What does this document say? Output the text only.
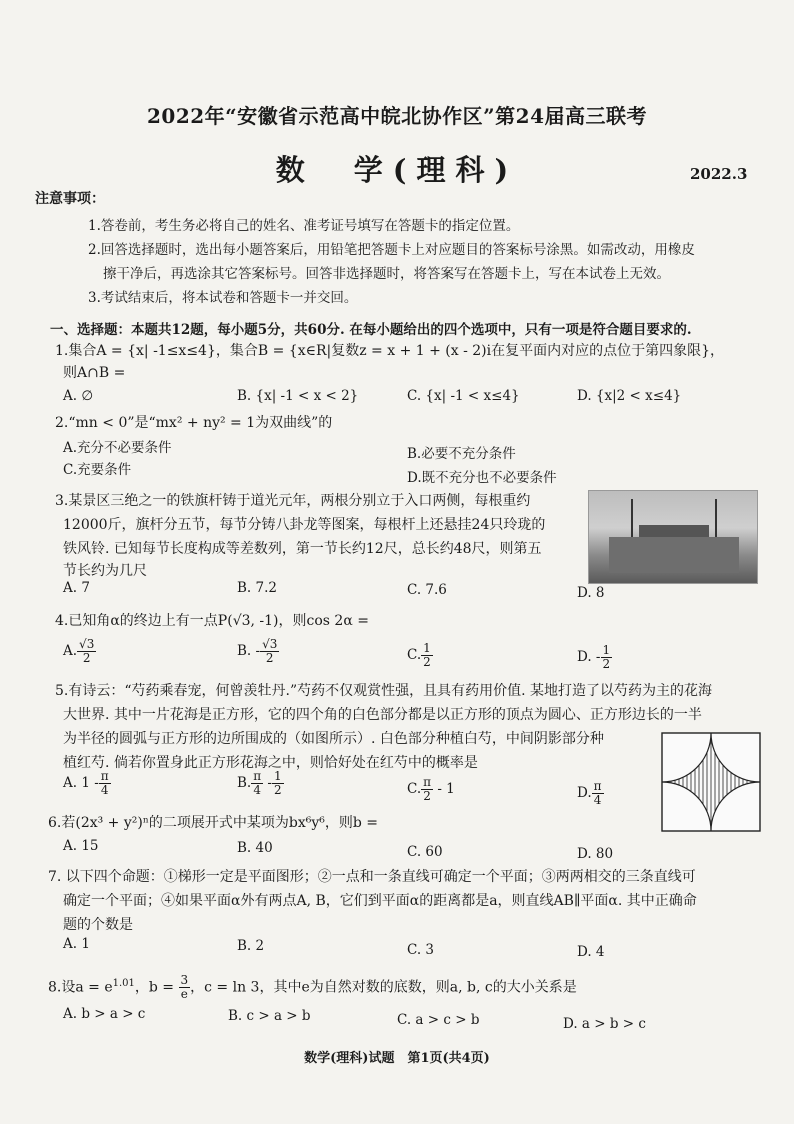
2022年“安徽省示范高中皖北协作区”第24届高三联考
数　学(理科)	2022.3
注意事项：
1.答卷前，考生务必将自己的姓名、准考证号填写在答题卡的指定位置。
2.回答选择题时，选出每小题答案后，用铅笔把答题卡上对应题目的答案标号涂黑。如需改动，用橡皮
擦干净后，再选涂其它答案标号。回答非选择题时，将答案写在答题卡上，写在本试卷上无效。
3.考试结束后，将本试卷和答题卡一并交回。
一、选择题：本题共12题，每小题5分，共60分. 在每小题给出的四个选项中，只有一项是符合题目要求的.
1.集合A = {x| -1≤x≤4}，集合B = {x∈R|复数z = x + 1 + (x - 2)i在复平面内对应的点位于第四象限}，
则A∩B =
A. ∅	B. {x| -1 < x < 2}	C. {x| -1 < x≤4}	D. {x|2 < x≤4}
2.“mn < 0”是“mx² + ny² = 1为双曲线”的
A.充分不必要条件	B.必要不充分条件
C.充要条件	D.既不充分也不必要条件
3.某景区三绝之一的铁旗杆铸于道光元年，两根分别立于入口两侧，每根重约
12000斤，旗杆分五节，每节分铸八卦龙等图案，每根杆上还悬挂24只玲珑的
铁风铃. 已知每节长度构成等差数列，第一节长约12尺，总长约48尺，则第五
节长约为几尺
A. 7	B. 7.2	C. 7.6	D. 8
4.已知角α的终边上有一点P(√3, -1)，则cos 2α =
A. $\frac{√3}{2}$	B. - $\frac{√3}{2}$	C. $\frac{1}{2}$	D. - $\frac{1}{2}$
5.有诗云：“芍药乘春宠，何曾羡牡丹.”芍药不仅观赏性强，且具有药用价值. 某地打造了以芍药为主的花海
大世界. 其中一片花海是正方形，它的四个角的白色部分都是以正方形的顶点为圆心、正方形边长的一半
为半径的圆弧与正方形的边所围成的（如图所示）. 白色部分种植白芍，中间阴影部分种
植红芍. 倘若你置身此正方形花海之中，则恰好处在红芍中的概率是
A. $1 - \frac{\pi}{4}$	B. $\frac{\pi}{4} - \frac{1}{2}$	C. $\frac{\pi}{2} - 1$	D. $\frac{\pi}{4}$
6.若(2x³ + y²)ⁿ的二项展开式中某项为bx⁶y⁶，则b =
A. 15	B. 40	C. 60	D. 80
7. 以下四个命题：①梯形一定是平面图形；②一点和一条直线可确定一个平面；③两两相交的三条直线可
确定一个平面；④如果平面α外有两点A, B，它们到平面α的距离都是a，则直线AB∥平面α. 其中正确命
题的个数是
A. 1	B. 2	C. 3	D. 4
8.设$a = e^{1.01}$，$b = \frac{3}{e}$ ，c = ln 3，其中e为自然对数的底数，则a, b, c的大小关系是
A. b > a > c	B. c > a > b	C. a > c > b	D. a > b > c
数学(理科)试题　第1页(共4页)
